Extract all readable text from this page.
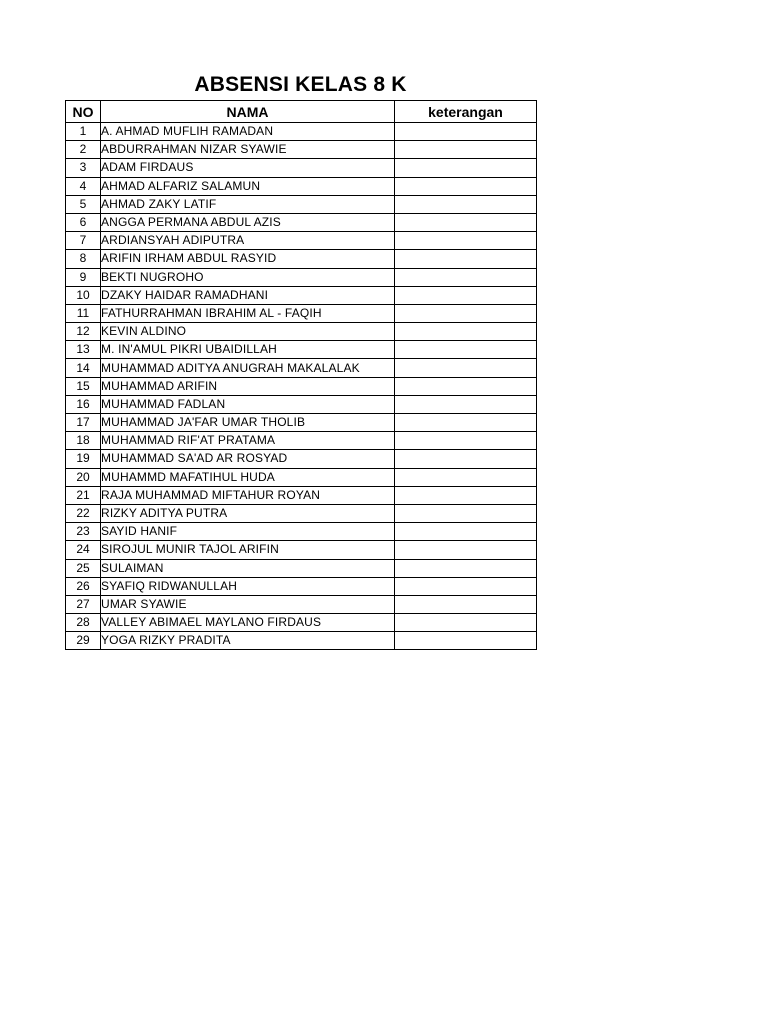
ABSENSI KELAS 8 K
NO	NAMA	keterangan
1	A. AHMAD MUFLIH RAMADAN	
2	ABDURRAHMAN NIZAR SYAWIE	
3	ADAM FIRDAUS	
4	AHMAD ALFARIZ SALAMUN	
5	AHMAD ZAKY LATIF	
6	ANGGA PERMANA ABDUL AZIS	
7	ARDIANSYAH ADIPUTRA	
8	ARIFIN IRHAM ABDUL RASYID	
9	BEKTI NUGROHO	
10	DZAKY HAIDAR RAMADHANI	
11	FATHURRAHMAN IBRAHIM AL - FAQIH	
12	KEVIN ALDINO	
13	M. IN'AMUL PIKRI UBAIDILLAH	
14	MUHAMMAD ADITYA ANUGRAH MAKALALAK	
15	MUHAMMAD ARIFIN	
16	MUHAMMAD FADLAN	
17	MUHAMMAD JA'FAR UMAR THOLIB	
18	MUHAMMAD RIF'AT PRATAMA	
19	MUHAMMAD SA'AD AR ROSYAD	
20	MUHAMMD MAFATIHUL HUDA	
21	RAJA MUHAMMAD MIFTAHUR ROYAN	
22	RIZKY ADITYA PUTRA	
23	SAYID HANIF	
24	SIROJUL MUNIR TAJOL ARIFIN	
25	SULAIMAN	
26	SYAFIQ RIDWANULLAH	
27	UMAR SYAWIE	
28	VALLEY ABIMAEL MAYLANO FIRDAUS	
29	YOGA RIZKY PRADITA	
